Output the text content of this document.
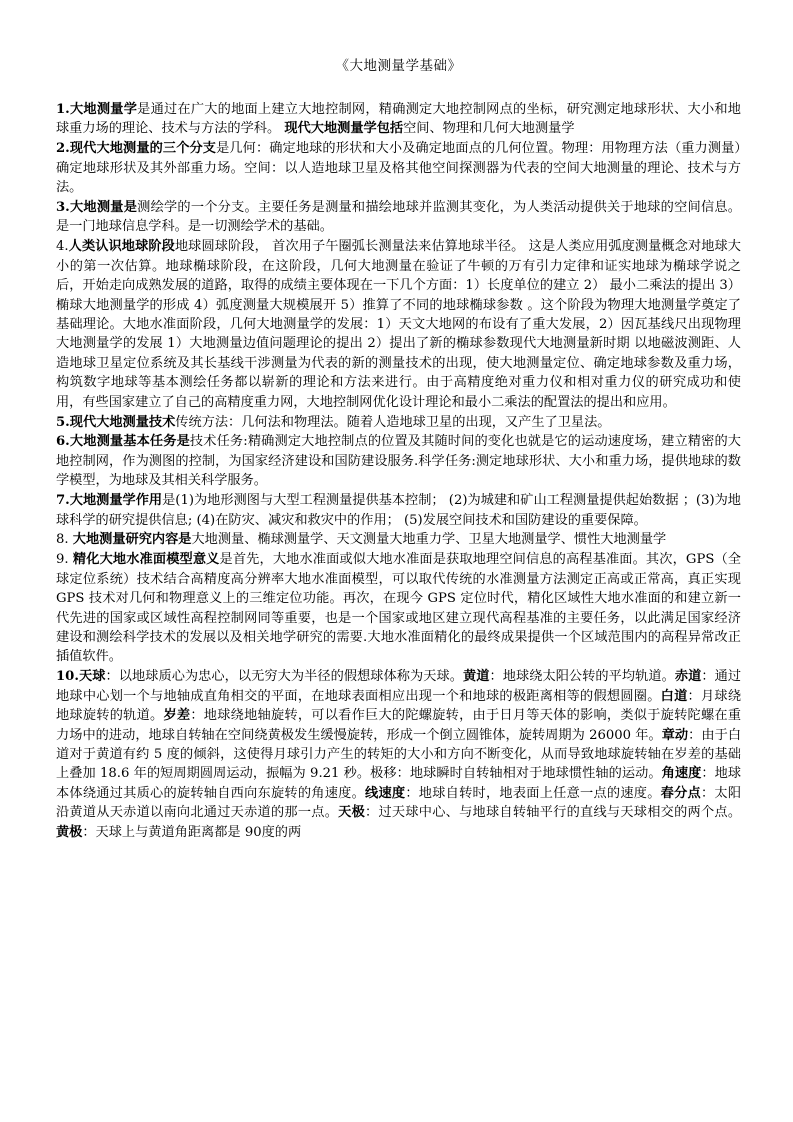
《大地测量学基础》
1.大地测量学是通过在广大的地面上建立大地控制网，精确测定大地控制网点的坐标，研究测定地球形状、大小和地球重力场的理论、技术与方法的学科。 现代大地测量学包括空间、物理和几何大地测量学
2.现代大地测量的三个分支是几何：确定地球的形状和大小及确定地面点的几何位置。物理：用物理方法（重力测量）确定地球形状及其外部重力场。空间：以人造地球卫星及格其他空间探测器为代表的空间大地测量的理论、技术与方法。
3.大地测量是测绘学的一个分支。主要任务是测量和描绘地球并监测其变化，为人类活动提供关于地球的空间信息。是一门地球信息学科。是一切测绘学术的基础。
4.人类认识地球阶段地球圆球阶段， 首次用子午圈弧长测量法来估算地球半径。 这是人类应用弧度测量概念对地球大小的第一次估算。地球椭球阶段，在这阶段，几何大地测量在验证了牛顿的万有引力定律和证实地球为椭球学说之后，开始走向成熟发展的道路，取得的成绩主要体现在一下几个方面：1）长度单位的建立 2） 最小二乘法的提出 3） 椭球大地测量学的形成 4）弧度测量大规模展开 5）推算了不同的地球椭球参数 。这个阶段为物理大地测量学奠定了基础理论。大地水准面阶段，几何大地测量学的发展：1）天文大地网的布设有了重大发展，2）因瓦基线尺出现物理大地测量学的发展 1）大地测量边值问题理论的提出 2）提出了新的椭球参数现代大地测量新时期 以地磁波测距、人造地球卫星定位系统及其长基线干涉测量为代表的新的测量技术的出现，使大地测量定位、确定地球参数及重力场，构筑数字地球等基本测绘任务都以崭新的理论和方法来进行。由于高精度绝对重力仪和相对重力仪的研究成功和使用，有些国家建立了自己的高精度重力网，大地控制网优化设计理论和最小二乘法的配置法的提出和应用。
5.现代大地测量技术传统方法：几何法和物理法。随着人造地球卫星的出现，又产生了卫星法。
6.大地测量基本任务是技术任务:精确测定大地控制点的位置及其随时间的变化也就是它的运动速度场，建立精密的大地控制网，作为测图的控制，为国家经济建设和国防建设服务.科学任务:测定地球形状、大小和重力场，提供地球的数学模型，为地球及其相关科学服务。
7.大地测量学作用是(1)为地形测图与大型工程测量提供基本控制； (2)为城建和矿山工程测量提供起始数据 ；(3)为地球科学的研究提供信息; (4)在防灾、减灾和救灾中的作用； (5)发展空间技术和国防建设的重要保障。
8. 大地测量研究内容是大地测量、椭球测量学、天文测量大地重力学、卫星大地测量学、惯性大地测量学
9. 精化大地水准面模型意义是首先，大地水准面或似大地水准面是获取地理空间信息的高程基准面。其次，GPS（全球定位系统）技术结合高精度高分辨率大地水准面模型，可以取代传统的水准测量方法测定正高或正常高，真正实现 GPS 技术对几何和物理意义上的三维定位功能。再次，在现今 GPS 定位时代，精化区域性大地水准面的和建立新一代先进的国家或区域性高程控制网同等重要，也是一个国家或地区建立现代高程基准的主要任务，以此满足国家经济建设和测绘科学技术的发展以及相关地学研究的需要.大地水准面精化的最终成果提供一个区域范围内的高程异常改正插值软件。
10.天球：以地球质心为忠心，以无穷大为半径的假想球体称为天球。黄道：地球绕太阳公转的平均轨道。赤道：通过地球中心划一个与地轴成直角相交的平面，在地球表面相应出现一个和地球的极距离相等的假想圆圈。白道：月球绕地球旋转的轨道。岁差：地球绕地轴旋转，可以看作巨大的陀螺旋转，由于日月等天体的影响，类似于旋转陀螺在重力场中的进动，地球自转轴在空间绕黄极发生缓慢旋转，形成一个倒立圆锥体，旋转周期为 26000 年。章动：由于白道对于黄道有约 5 度的倾斜，这使得月球引力产生的转矩的大小和方向不断变化，从而导致地球旋转轴在岁差的基础上叠加 18.6 年的短周期圆周运动，振幅为 9.21 秒。极移：地球瞬时自转轴相对于地球惯性轴的运动。角速度：地球本体绕通过其质心的旋转轴自西向东旋转的角速度。线速度：地球自转时，地表面上任意一点的速度。春分点：太阳沿黄道从天赤道以南向北通过天赤道的那一点。天极：过天球中心、与地球自转轴平行的直线与天球相交的两个点。黄极：天球上与黄道角距离都是 90度的两
